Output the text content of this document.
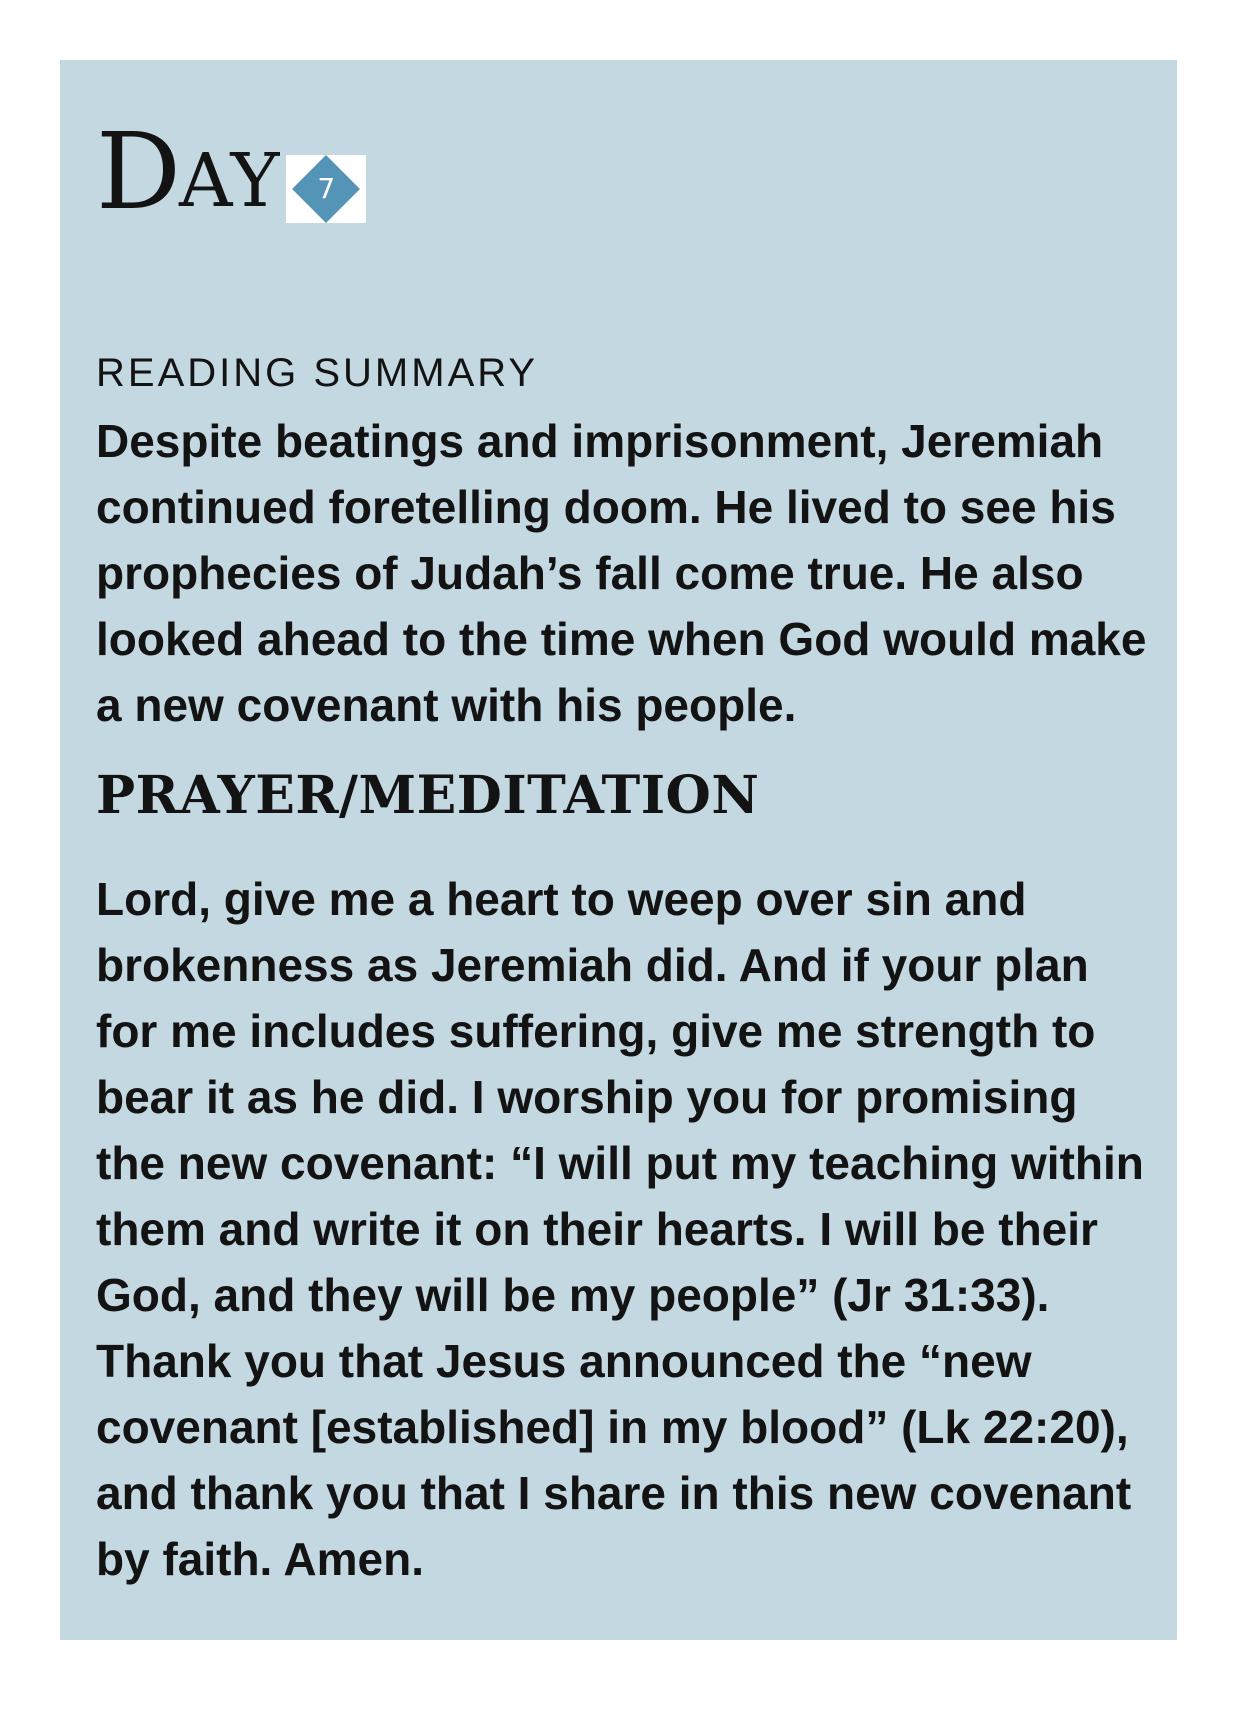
D AY	7
READING SUMMARY

Despite beatings and imprisonment, Jeremiah continued foretelling doom. He lived to see his prophecies of Judah’s fall come true. He also looked ahead to the time when God would make a new covenant with his people.

PRAYER/MEDITATION

Lord, give me a heart to weep over sin and brokenness as Jeremiah did. And if your plan for me includes suffering, give me strength to bear it as he did. I worship you for promising the new covenant: “I will put my teaching within them and write it on their hearts. I will be their God, and they will be my people” (Jr 31:33). Thank you that Jesus announced the “new covenant [established] in my blood” (Lk 22:20), and thank you that I share in this new covenant by faith. Amen.
